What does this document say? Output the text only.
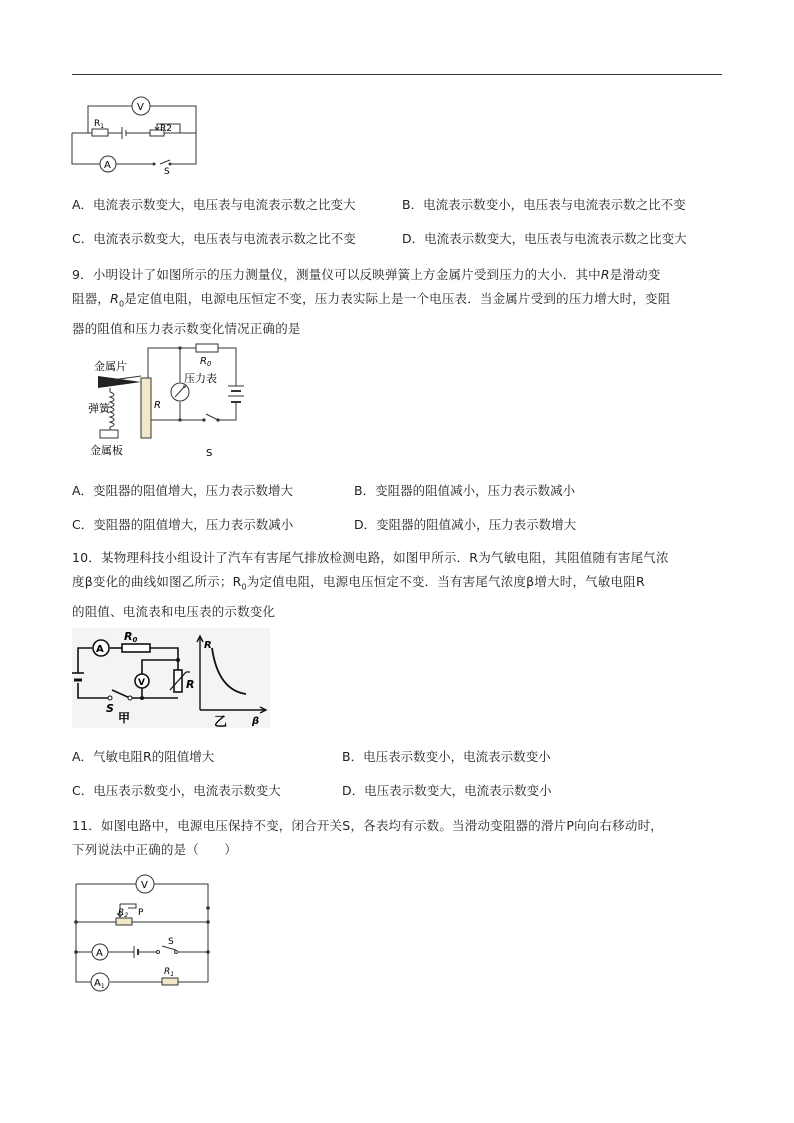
V
A
$R_1$	R2
S
A．电流表示数变大，电压表与电流表示数之比变大	B．电流表示数变小，电压表与电流表示数之比不变
C．电流表示数变大，电压表与电流表示数之比不变	D．电流表示数变大，电压表与电流表示数之比变大
9．小明设计了如图所示的压力测量仪，测量仪可以反映弹簧上方金属片受到压力的大小．其中R是滑动变
阻器，$R_0$是定值电阻，电源电压恒定不变，压力表实际上是一个电压表．当金属片受到的压力增大时，变阻
器的阻值和压力表示数变化情况正确的是
金属片
弹簧
金属板
R
$R_0$
压力表
S
A．变阻器的阻值增大，压力表示数增大	B．变阻器的阻值减小，压力表示数减小
C．变阻器的阻值增大，压力表示数减小	D．变阻器的阻值减小，压力表示数增大
10．某物理科技小组设计了汽车有害尾气排放检测电路，如图甲所示．R为气敏电阻，其阻值随有害尾气浓
度β变化的曲线如图乙所示；$R_0$为定值电阻，电源电压恒定不变．当有害尾气浓度β增大时，气敏电阻R
的阻值、电流表和电压表的示数变化
A
R0
V	R
S
甲	乙
R
β
A．气敏电阻R的阻值增大	B．电压表示数变小，电流表示数变小
C．电压表示数变小，电流表示数变大	D．电压表示数变大，电流表示数变小
11．如图电路中，电源电压保持不变，闭合开关S，各表均有示数。当滑动变阻器的滑片P向向右移动时，
下列说法中正确的是（　　）
V
$R_2$ P
A
S
$A_1$
$R_1$
